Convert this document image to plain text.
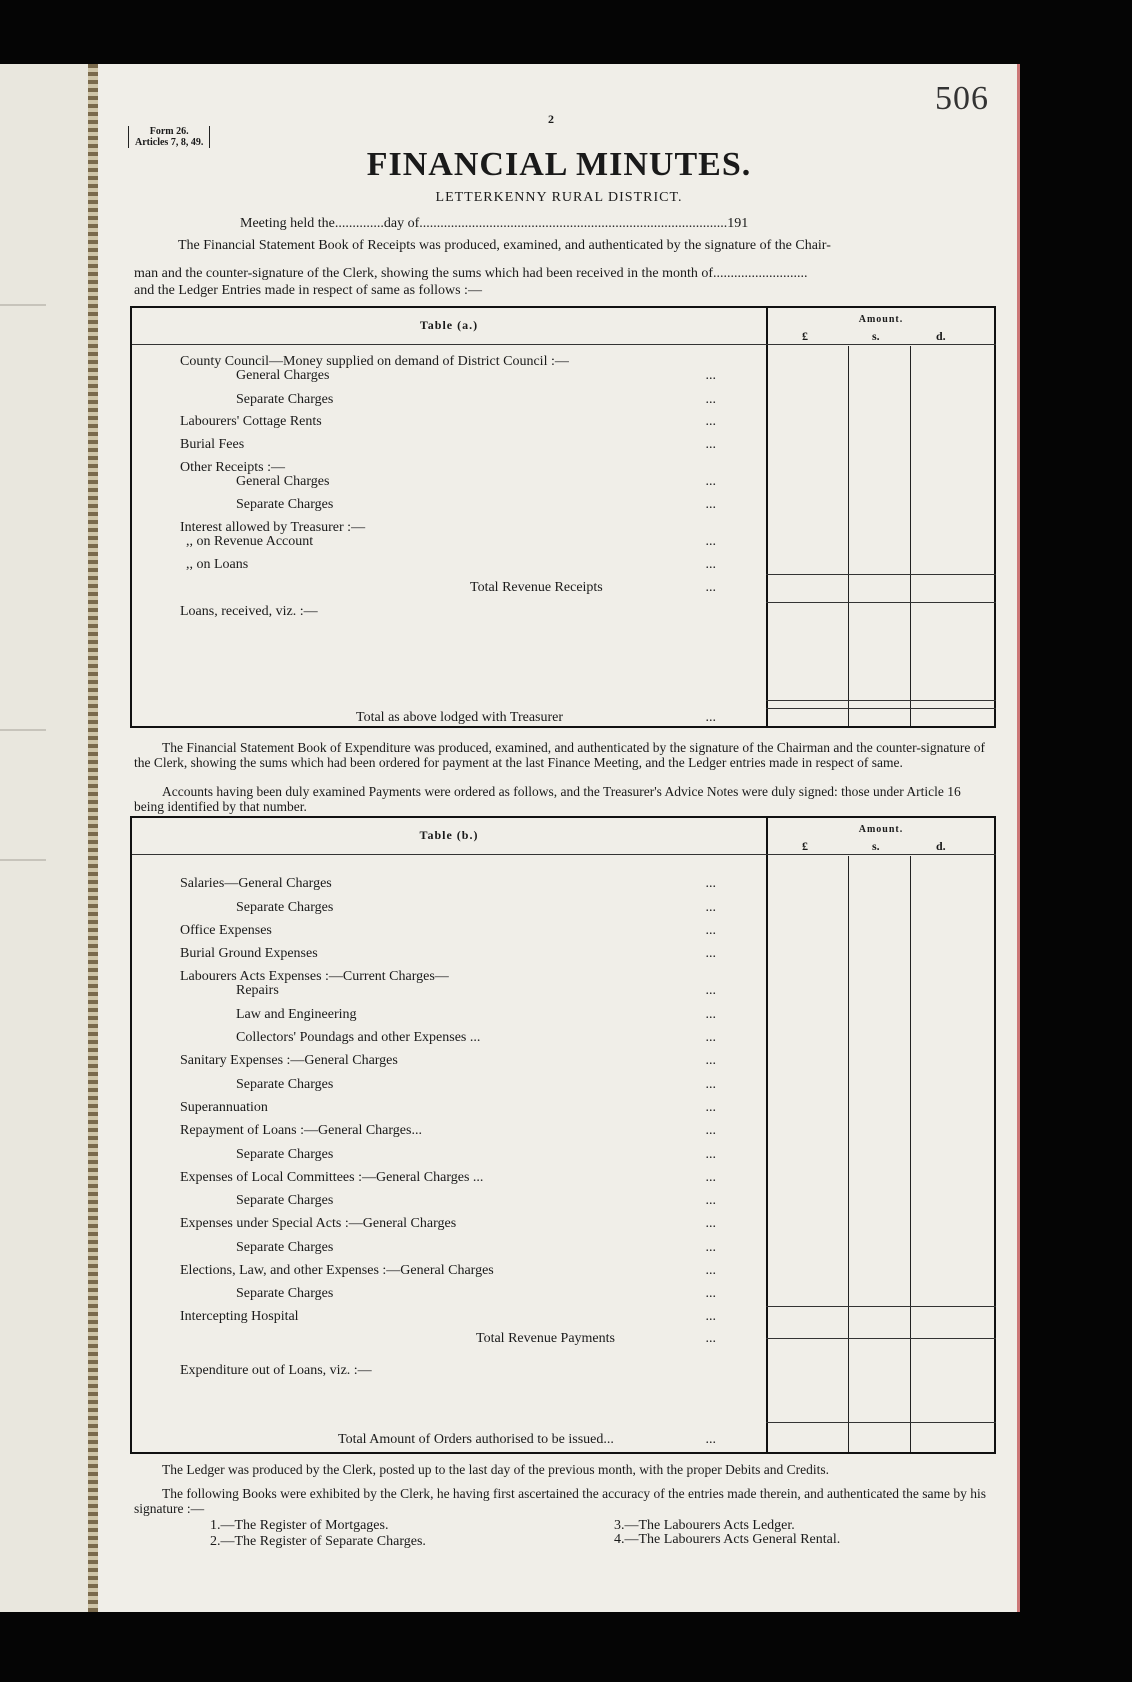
506
2
Form 26.
Articles 7, 8, 49.
FINANCIAL MINUTES.
LETTERKENNY RURAL DISTRICT.
Meeting held the..............day of........................................................................................191
The Financial Statement Book of Receipts was produced, examined, and authenticated by the signature of the Chair-
man and the counter-signature of the Clerk, showing the sums which had been received in the month of...........................
and the Ledger Entries made in respect of same as follows :—
Table (a.)	Amount.
£	s.	d.
County Council—Money supplied on demand of District Council :—
General Charges	...
Separate Charges	...
Labourers' Cottage Rents	...
Burial Fees	...
Other Receipts :—
General Charges	...
Separate Charges	...
Interest allowed by Treasurer :—
,, on Revenue Account	...
,, on Loans	...
Total Revenue Receipts	...
Loans, received, viz. :—
Total as above lodged with Treasurer	...
The Financial Statement Book of Expenditure was produced, examined, and authenticated by the signature of the Chairman and the counter-signature of the Clerk, showing the sums which had been ordered for payment at the last Finance Meeting, and the Ledger entries made in respect of same.
Accounts having been duly examined Payments were ordered as follows, and the Treasurer's Advice Notes were duly signed: those under Article 16 being identified by that number.
Table (b.)	Amount.
£	s.	d.
Salaries—General Charges	...
Separate Charges	...
Office Expenses	...
Burial Ground Expenses	...
Labourers Acts Expenses :—Current Charges—
Repairs	...
Law and Engineering	...
Collectors' Poundags and other Expenses ...	...
Sanitary Expenses :—General Charges	...
Separate Charges	...
Superannuation	...
Repayment of Loans :—General Charges...	...
Separate Charges	...
Expenses of Local Committees :—General Charges ...	...
Separate Charges	...
Expenses under Special Acts :—General Charges	...
Separate Charges	...
Elections, Law, and other Expenses :—General Charges	...
Separate Charges	...
Intercepting Hospital	...
Total Revenue Payments	...
Expenditure out of Loans, viz. :—
Total Amount of Orders authorised to be issued...	...
The Ledger was produced by the Clerk, posted up to the last day of the previous month, with the proper Debits and Credits.
The following Books were exhibited by the Clerk, he having first ascertained the accuracy of the entries made therein, and authenticated the same by his signature :—
1.—The Register of Mortgages.
2.—The Register of Separate Charges.
3.—The Labourers Acts Ledger.
4.—The Labourers Acts General Rental.
